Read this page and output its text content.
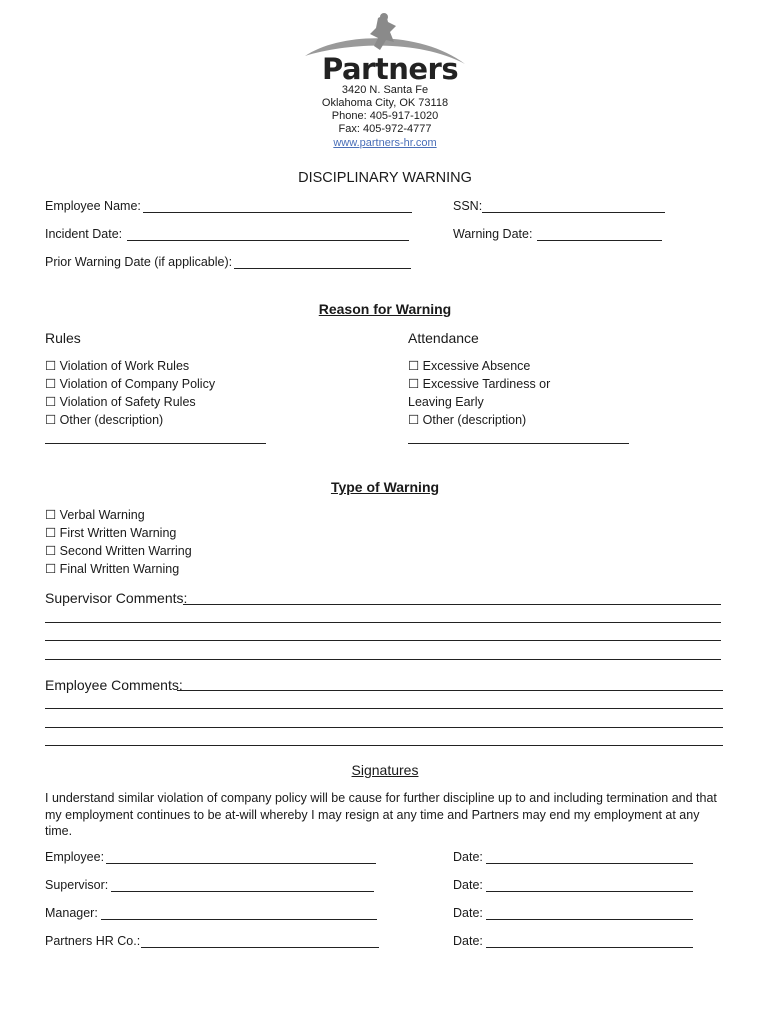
Partners
3420 N. Santa Fe
Oklahoma City, OK 73118
Phone: 405-917-1020
Fax: 405-972-4777
www.partners-hr.com
DISCIPLINARY WARNING
Employee Name:	SSN:
Incident Date:	Warning Date:
Prior Warning Date (if applicable):
Reason for Warning
Rules	Attendance
☐ Violation of Work Rules
☐ Violation of Company Policy
☐ Violation of Safety Rules
☐ Other (description)
☐ Excessive Absence
☐ Excessive Tardiness or
Leaving Early
☐ Other (description)
Type of Warning
☐ Verbal Warning
☐ First Written Warning
☐ Second Written Warring
☐ Final Written Warning
Supervisor Comments:
Employee Comments:
Signatures
I understand similar violation of company policy will be cause for further discipline up to and including termination and that my employment continues to be at-will whereby I may resign at any time and Partners may end my employment at any time.
Employee:	Date:
Supervisor:	Date:
Manager:	Date:
Partners HR Co.:	Date:
